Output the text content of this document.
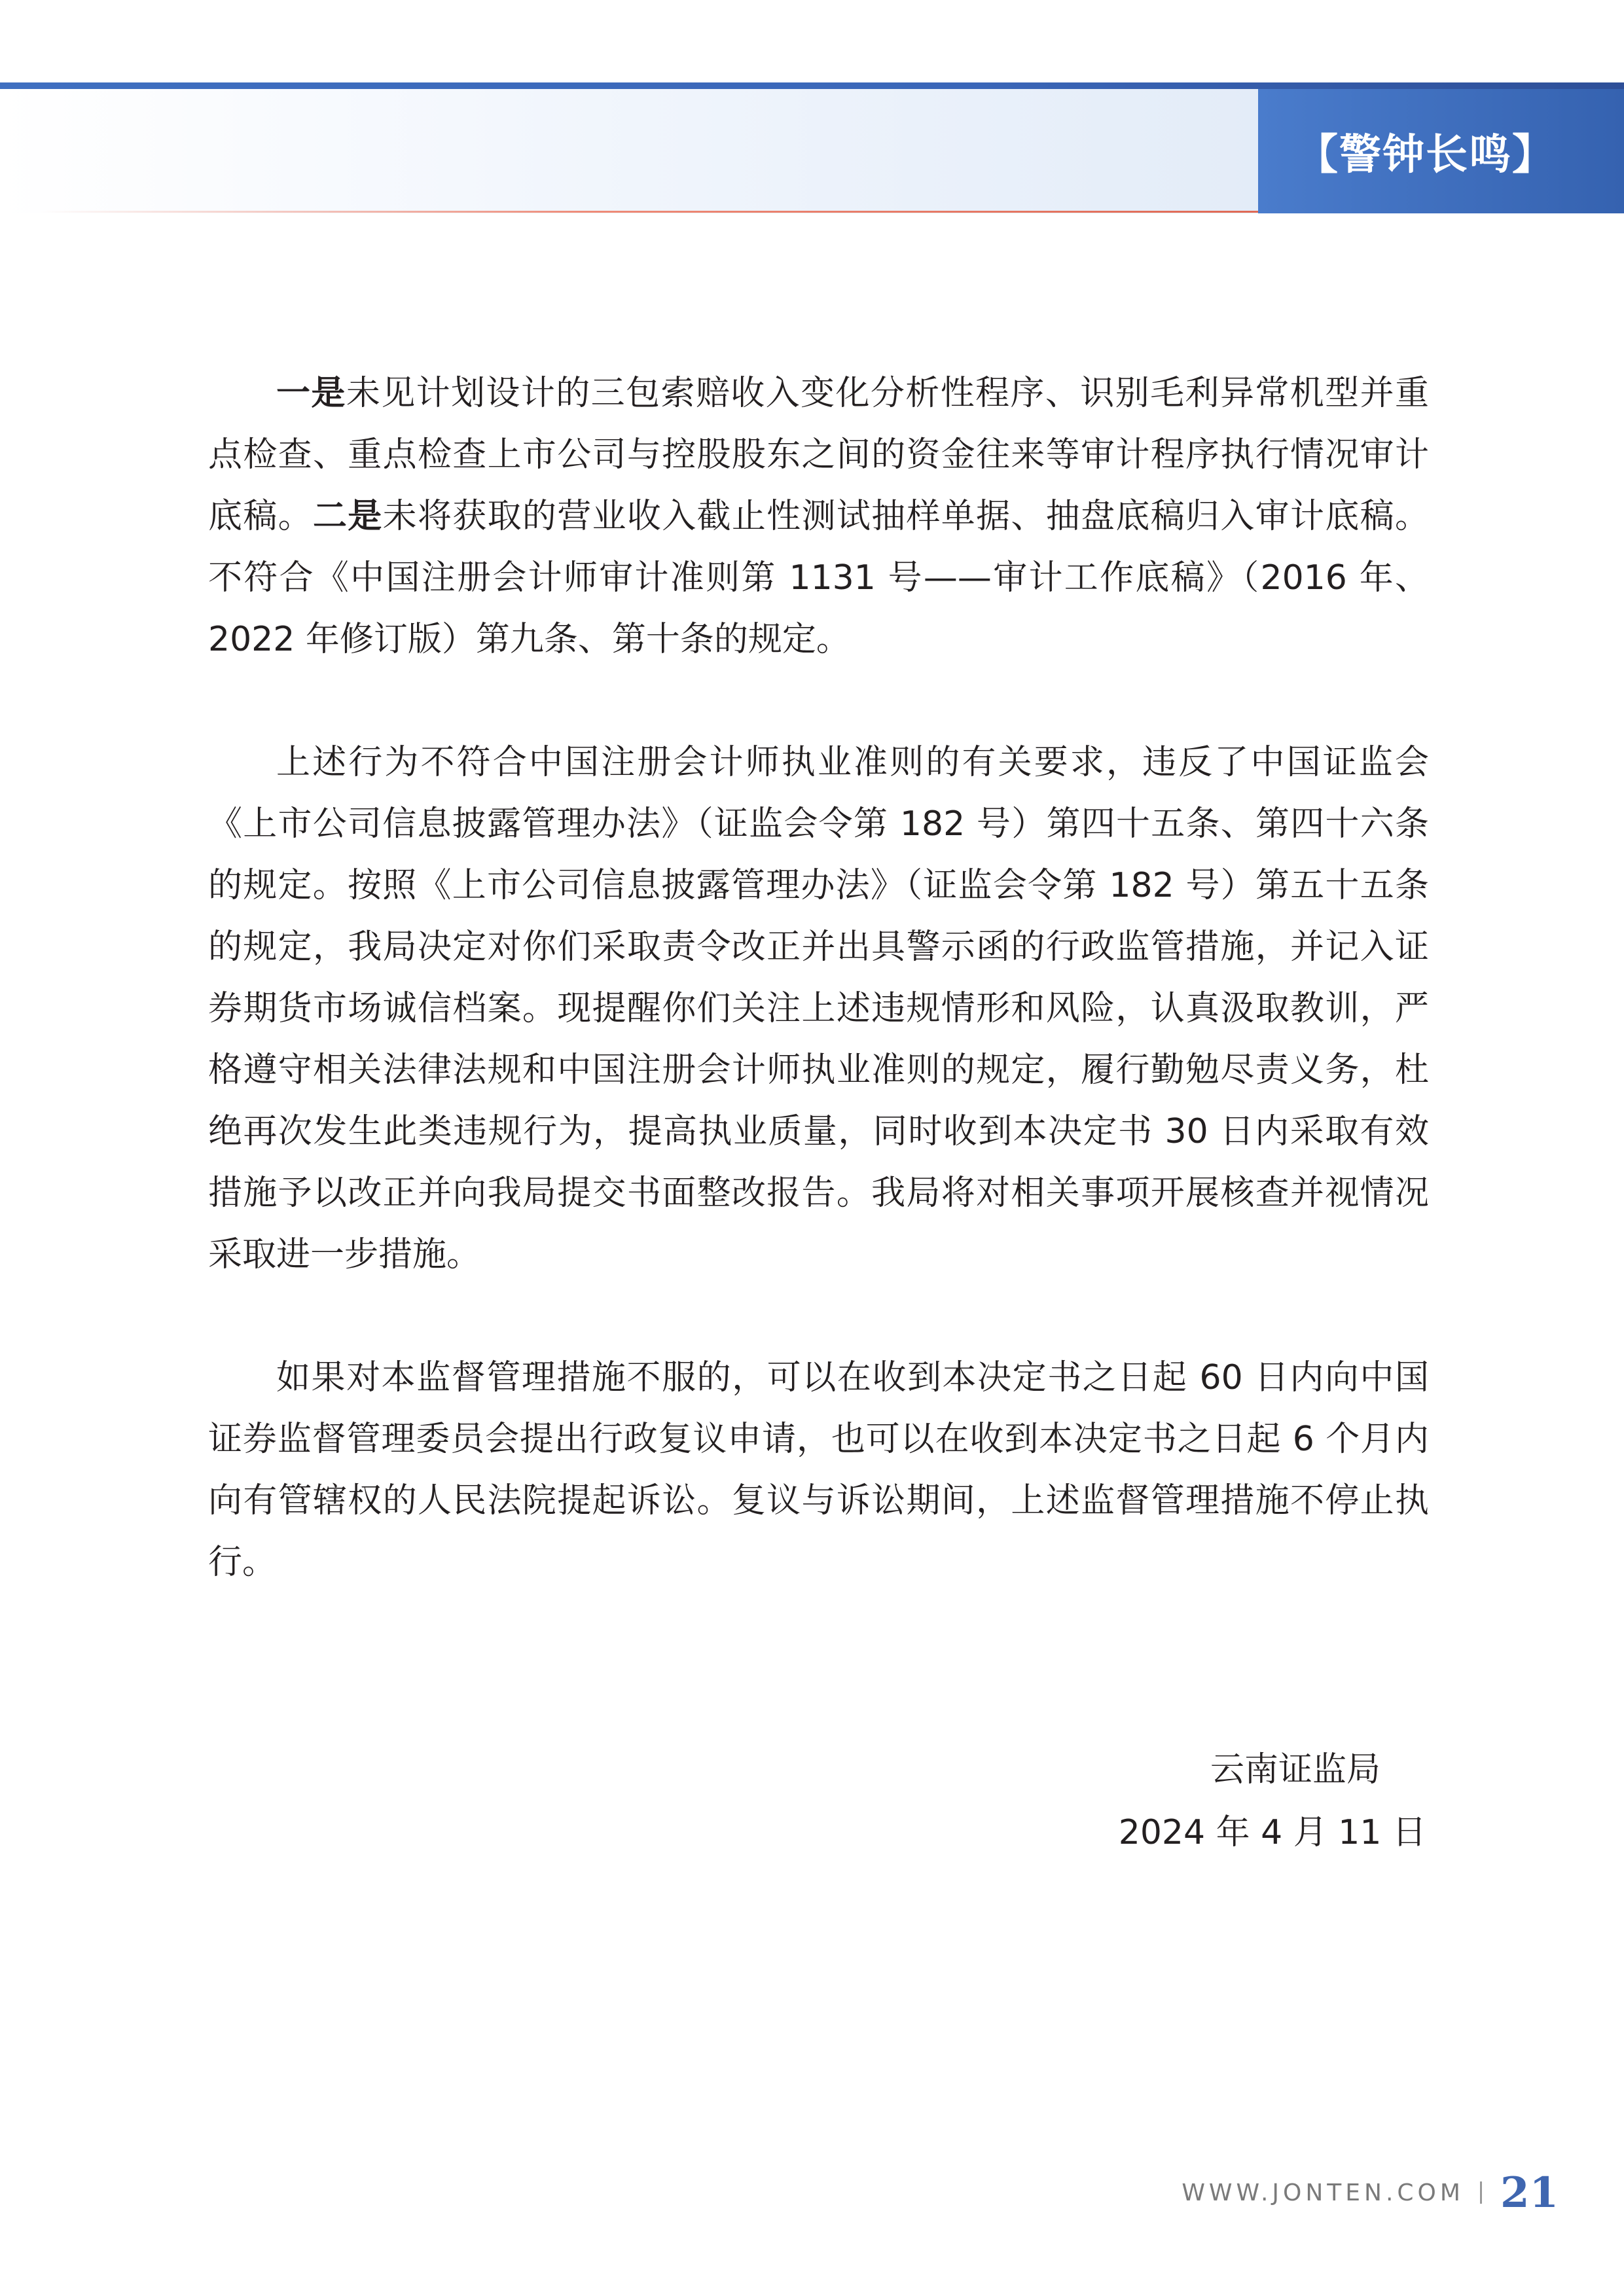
【警钟长鸣】

一是未见计划设计的三包索赔收入变化分析性程序、识别毛利异常机型并重点检查、重点检查上市公司与控股股东之间的资金往来等审计程序执行情况审计底稿。二是未将获取的营业收入截止性测试抽样单据、抽盘底稿归入审计底稿。不符合《中国注册会计师审计准则第 1131 号——审计工作底稿》（2016 年、2022 年修订版）第九条、第十条的规定。

上述行为不符合中国注册会计师执业准则的有关要求，违反了中国证监会《上市公司信息披露管理办法》（证监会令第 182 号）第四十五条、第四十六条的规定。按照《上市公司信息披露管理办法》（证监会令第 182 号）第五十五条的规定，我局决定对你们采取责令改正并出具警示函的行政监管措施，并记入证券期货市场诚信档案。现提醒你们关注上述违规情形和风险，认真汲取教训，严格遵守相关法律法规和中国注册会计师执业准则的规定，履行勤勉尽责义务，杜绝再次发生此类违规行为，提高执业质量，同时收到本决定书 30 日内采取有效措施予以改正并向我局提交书面整改报告。我局将对相关事项开展核查并视情况采取进一步措施。

如果对本监督管理措施不服的，可以在收到本决定书之日起 60 日内向中国证券监督管理委员会提出行政复议申请，也可以在收到本决定书之日起 6 个月内向有管辖权的人民法院提起诉讼。复议与诉讼期间，上述监督管理措施不停止执行。

云南证监局
2024 年 4 月 11 日
WWW.JONTEN.COM 21
